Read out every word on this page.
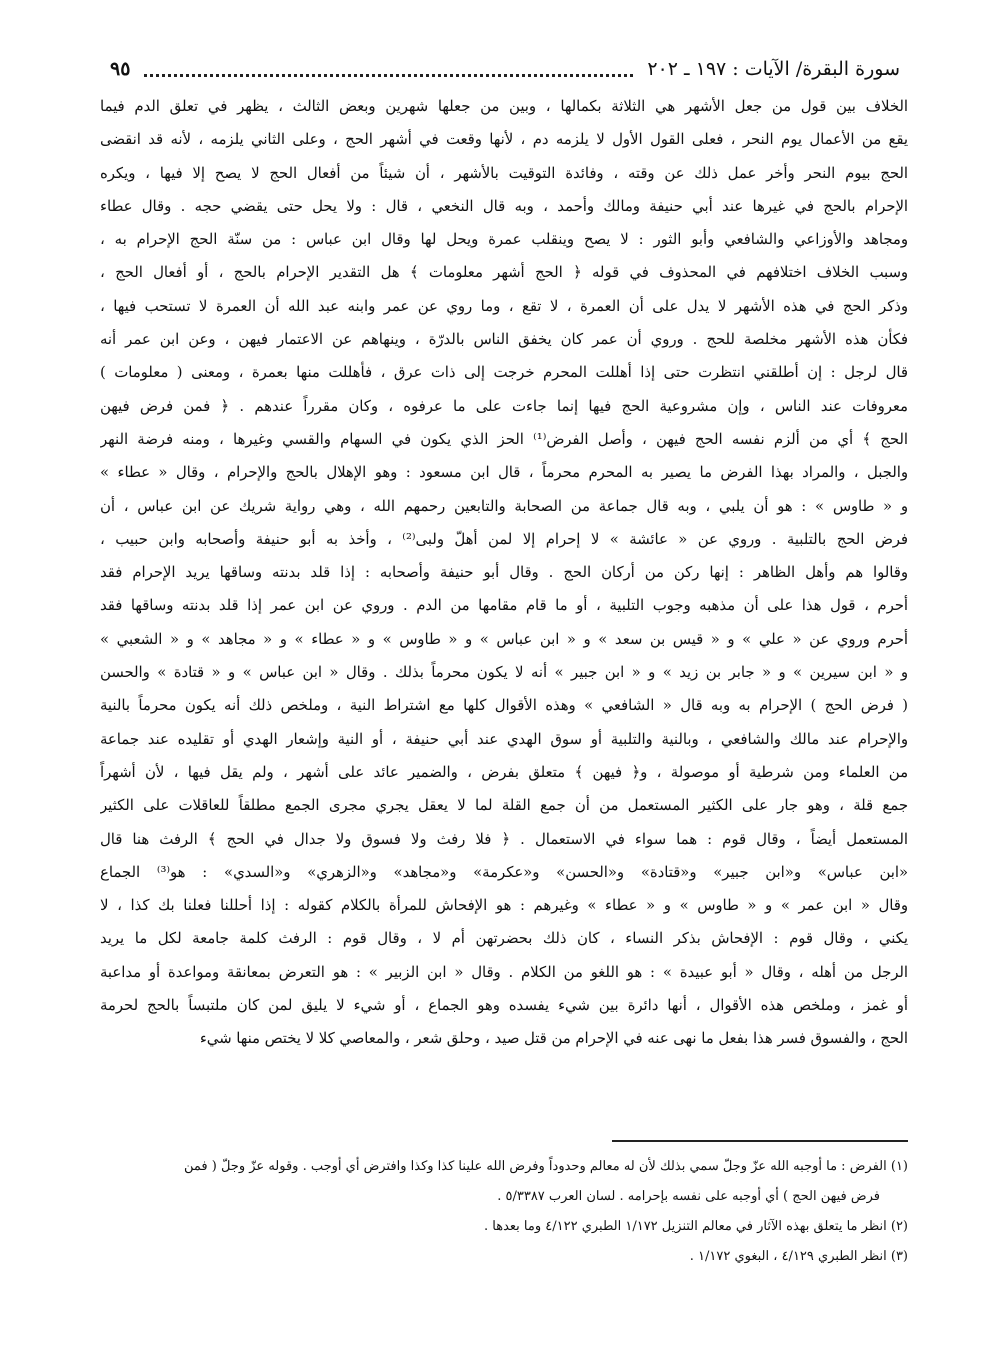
سورة البقرة/ الآيات : ١٩٧ ـ ٢٠٢
٩٥
الخلاف بين قول من جعل الأشهر هي الثلاثة بكمالها ، وبين من جعلها شهرين وبعض الثالث ، يظهر في تعلق الدم فيما
يقع من الأعمال يوم النحر ، فعلى القول الأول لا يلزمه دم ، لأنها وقعت في أشهر الحج ، وعلى الثاني يلزمه ، لأنه قد انقضى
الحج بيوم النحر وأخر عمل ذلك عن وقته ، وفائدة التوقيت بالأشهر ، أن شيئاً من أفعال الحج لا يصح إلا فيها ، ويكره
الإحرام بالحج في غيرها عند أبي حنيفة ومالك وأحمد ، وبه قال النخعي ، قال : ولا يحل حتى يقضي حجه . وقال عطاء
ومجاهد والأوزاعي والشافعي وأبو الثور : لا يصح وينقلب عمرة ويحل لها وقال ابن عباس : من سنّة الحج الإحرام به ،
وسبب الخلاف اختلافهم في المحذوف في قوله ﴿ الحج أشهر معلومات ﴾ هل التقدير الإحرام بالحج ، أو أفعال الحج ،
وذكر الحج في هذه الأشهر لا يدل على أن العمرة ، لا تقع ، وما روي عن عمر وابنه عبد الله أن العمرة لا تستحب فيها ،
فكأن هذه الأشهر مخلصة للحج . وروي أن عمر كان يخفق الناس بالدرّة ، وينهاهم عن الاعتمار فيهن ، وعن ابن عمر أنه
قال لرجل : إن أطلقني انتظرت حتى إذا أهللت المحرم خرجت إلى ذات عرق ، فأهللت منها بعمرة ، ومعنى ( معلومات )
معروفات عند الناس ، وإن مشروعية الحج فيها إنما جاءت على ما عرفوه ، وكان مقرراً عندهم . ﴿ فمن فرض فيهن
الحج ﴾ أي من ألزم نفسه الحج فيهن ، وأصل الفرض⁽¹⁾ الحز الذي يكون في السهام والقسي وغيرها ، ومنه فرضة النهر
والجبل ، والمراد بهذا الفرض ما يصير به المحرم محرماً ، قال ابن مسعود : وهو الإهلال بالحج والإحرام ، وقال « عطاء »
و « طاوس » : هو أن يلبي ، وبه قال جماعة من الصحابة والتابعين رحمهم الله ، وهي رواية شريك عن ابن عباس ، أن
فرض الحج بالتلبية . وروي عن « عائشة » لا إحرام إلا لمن أهلّ ولبى⁽²⁾ ، وأخذ به أبو حنيفة وأصحابه وابن حبيب ،
وقالوا هم وأهل الظاهر : إنها ركن من أركان الحج . وقال أبو حنيفة وأصحابه : إذا قلد بدنته وساقها يريد الإحرام فقد
أحرم ، قول هذا على أن مذهبه وجوب التلبية ، أو ما قام مقامها من الدم . وروي عن ابن عمر إذا قلد بدنته وساقها فقد
أحرم وروي عن « علي » و « قيس بن سعد » و « ابن عباس » و « طاوس » و « عطاء » و « مجاهد » و « الشعبي »
و « ابن سيرين » و « جابر بن زيد » و « ابن جبير » أنه لا يكون محرماً بذلك . وقال « ابن عباس » و « قتادة » والحسن
( فرض الحج ) الإحرام به وبه قال « الشافعي » وهذه الأقوال كلها مع اشتراط النية ، وملخص ذلك أنه يكون محرماً بالنية
والإحرام عند مالك والشافعي ، وبالنية والتلبية أو سوق الهدي عند أبي حنيفة ، أو النية وإشعار الهدي أو تقليده عند جماعة
من العلماء ومن شرطية أو موصولة ، و﴿ فيهن ﴾ متعلق بفرض ، والضمير عائد على أشهر ، ولم يقل فيها ، لأن أشهراً
جمع قلة ، وهو جار على الكثير المستعمل من أن جمع القلة لما لا يعقل يجري مجرى الجمع مطلقاً للعاقلات على الكثير
المستعمل أيضاً ، وقال قوم : هما سواء في الاستعمال . ﴿ فلا رفث ولا فسوق ولا جدال في الحج ﴾ الرفث هنا قال
«ابن عباس» و«ابن جبير» و«قتادة» و«الحسن» و«عكرمة» و«مجاهد» و«الزهري» و«السدي» : هو⁽³⁾ الجماع
وقال « ابن عمر » و « طاوس » و « عطاء » وغيرهم : هو الإفحاش للمرأة بالكلام كقوله : إذا أحللنا فعلنا بك كذا ، لا
يكني ، وقال قوم : الإفحاش بذكر النساء ، كان ذلك بحضرتهن أم لا ، وقال قوم : الرفث كلمة جامعة لكل ما يريد
الرجل من أهله ، وقال « أبو عبيدة » : هو اللغو من الكلام . وقال « ابن الزبير » : هو التعرض بمعانقة ومواعدة أو مداعبة
أو غمز ، وملخص هذه الأقوال ، أنها دائرة بين شيء يفسده وهو الجماع ، أو شيء لا يليق لمن كان ملتبساً بالحج لحرمة
الحج ، والفسوق فسر هذا بفعل ما نهى عنه في الإحرام من قتل صيد ، وحلق شعر ، والمعاصي كلا لا يختص منها شيء
(١) الفرض : ما أوجبه الله عزّ وجلّ سمي بذلك لأن له معالم وحدوداً وفرض الله علينا كذا وكذا وافترض أي أوجب . وقوله عزّ وجلّ ( فمن
فرض فيهن الحج ) أي أوجبه على نفسه بإحرامه . لسان العرب ٥/٣٣٨٧ .
(٢) انظر ما يتعلق بهذه الآثار في معالم التنزيل ١/١٧٢ الطبري ٤/١٢٢ وما بعدها .
(٣) انظر الطبري ٤/١٢٩ ، البغوي ١/١٧٢ .
